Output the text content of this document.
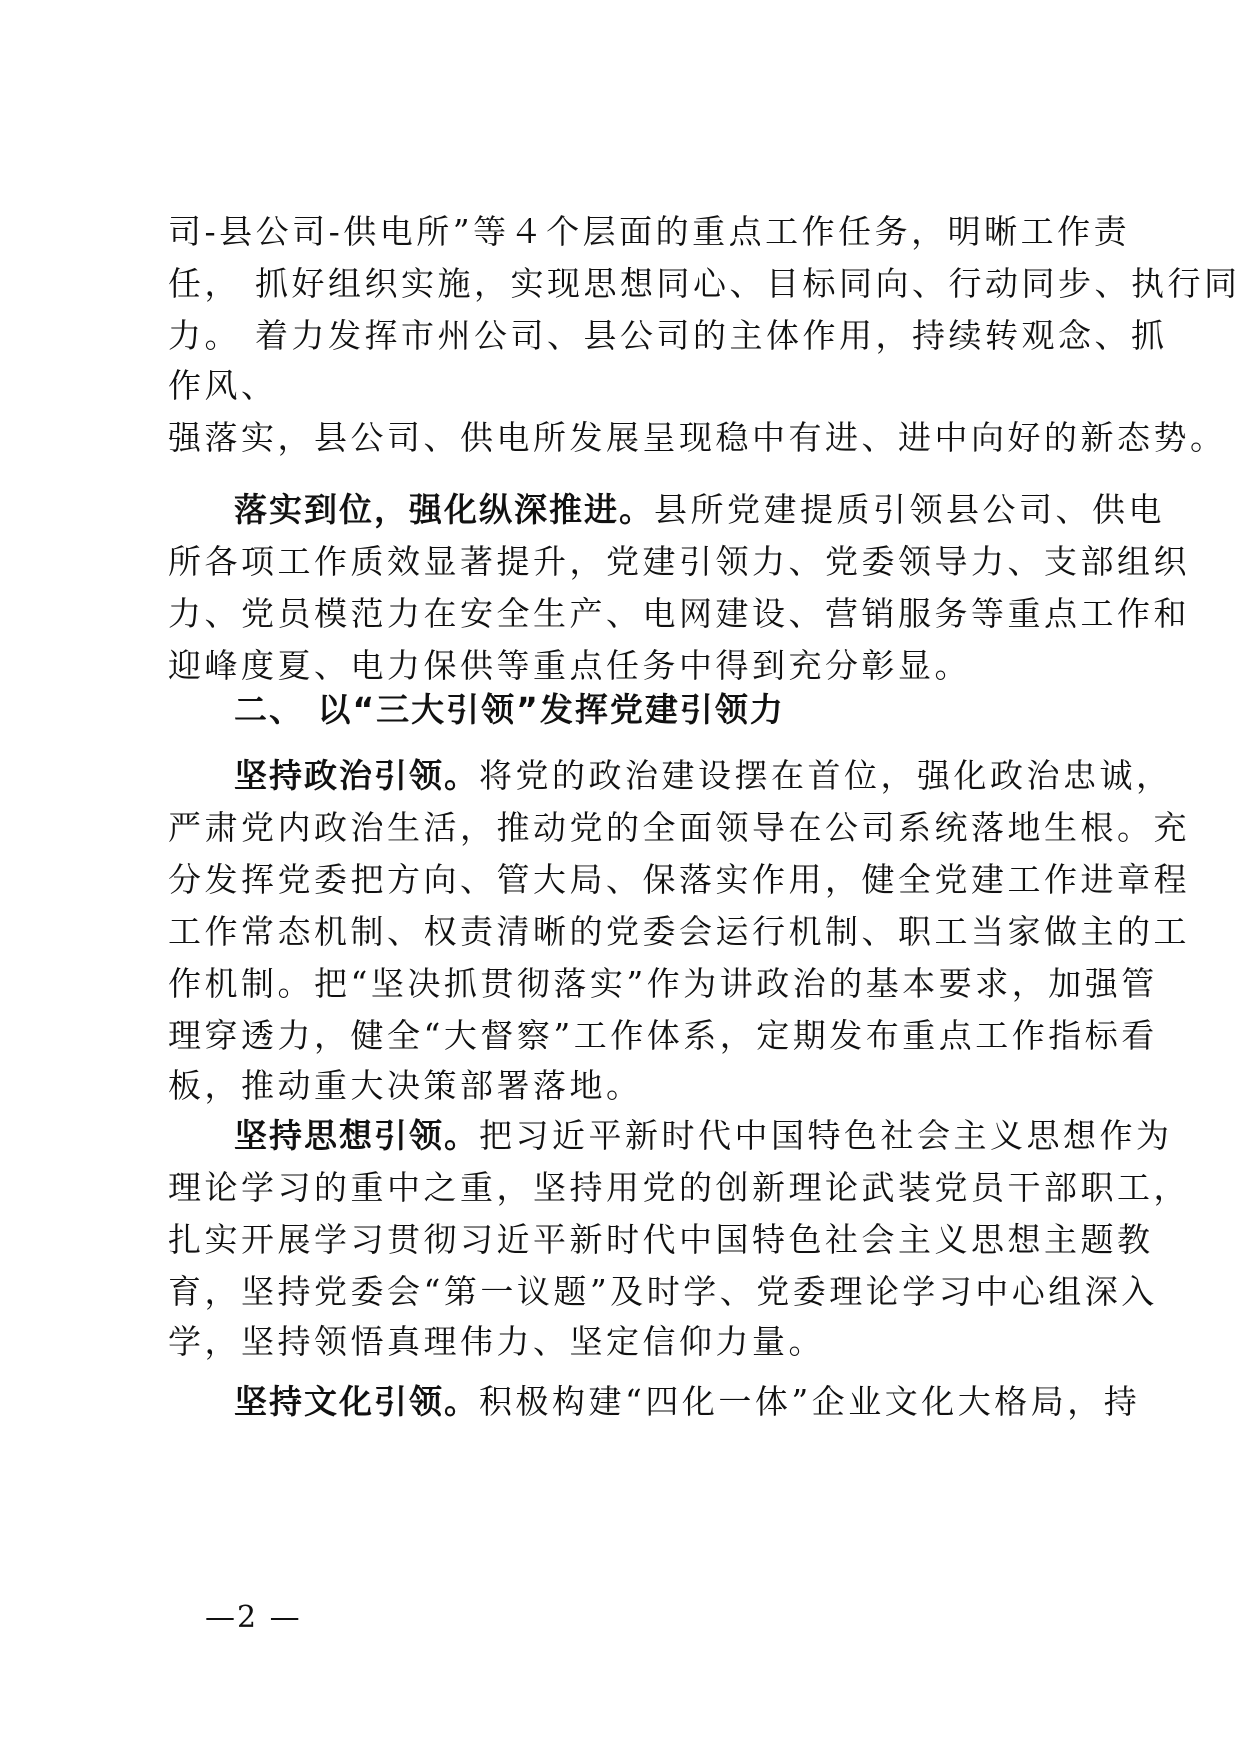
司-县公司-供电所”等４个层面的重点工作任务，明晰工作责
任， 抓好组织实施，实现思想同心、目标同向、行动同步、执行同
力。 着力发挥市州公司、县公司的主体作用，持续转观念、抓
作风、
强落实，县公司、供电所发展呈现稳中有进、进中向好的新态势。
落实到位，强化纵深推进。县所党建提质引领县公司、供电
所各项工作质效显著提升，党建引领力、党委领导力、支部组织
力、党员模范力在安全生产、电网建设、营销服务等重点工作和
迎峰度夏、电力保供等重点任务中得到充分彰显。
二、 以“三大引领”发挥党建引领力
坚持政治引领。将党的政治建设摆在首位，强化政治忠诚，
严肃党内政治生活，推动党的全面领导在公司系统落地生根。充
分发挥党委把方向、管大局、保落实作用，健全党建工作进章程
工作常态机制、权责清晰的党委会运行机制、职工当家做主的工
作机制。把“坚决抓贯彻落实”作为讲政治的基本要求，加强管
理穿透力，健全“大督察”工作体系，定期发布重点工作指标看
板，推动重大决策部署落地。
坚持思想引领。把习近平新时代中国特色社会主义思想作为
理论学习的重中之重，坚持用党的创新理论武装党员干部职工，
扎实开展学习贯彻习近平新时代中国特色社会主义思想主题教
育，坚持党委会“第一议题”及时学、党委理论学习中心组深入
学，坚持领悟真理伟力、坚定信仰力量。
坚持文化引领。积极构建“四化一体”企业文化大格局，持
—2 —
